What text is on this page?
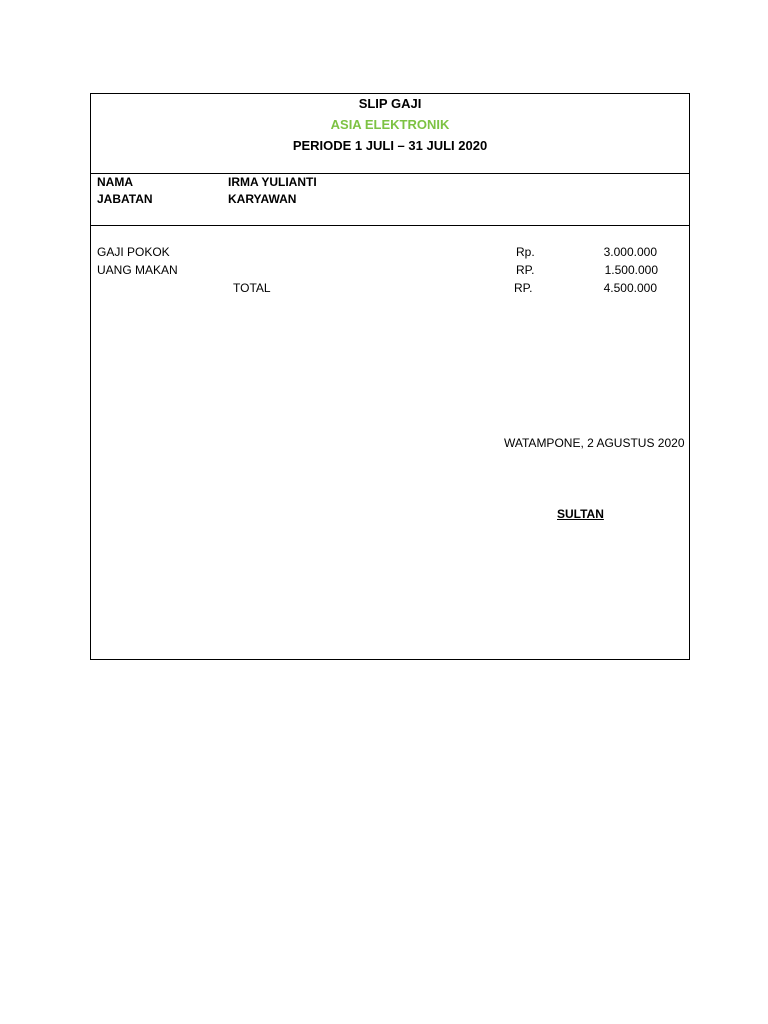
SLIP GAJI
ASIA ELEKTRONIK
PERIODE 1 JULI – 31 JULI 2020
NAMA	IRMA YULIANTI
JABATAN	KARYAWAN
GAJI POKOK	Rp.	3.000.000
UANG MAKAN	RP.	1.500.000
TOTAL	RP.	4.500.000
WATAMPONE, 2 AGUSTUS 2020
SULTAN
